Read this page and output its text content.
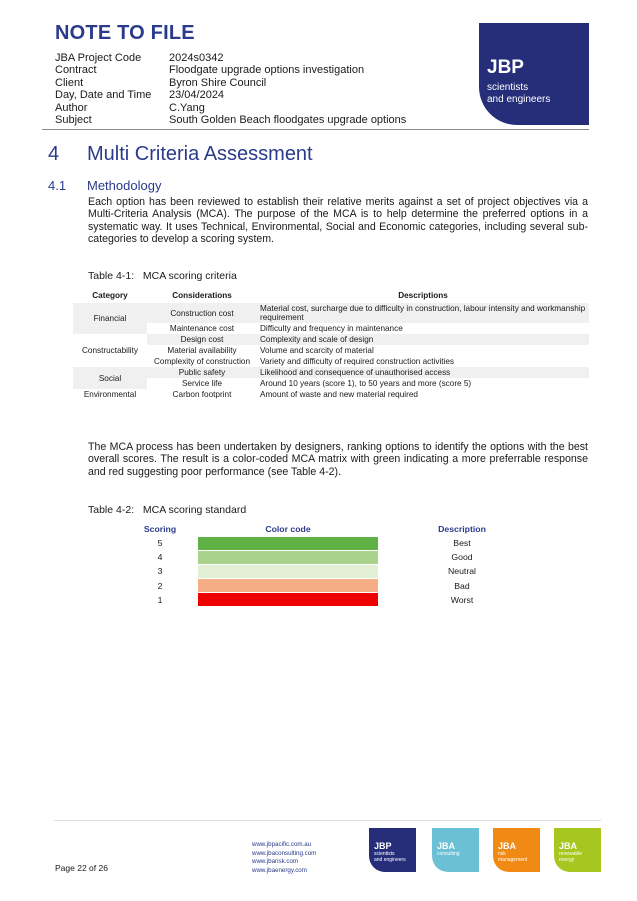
NOTE TO FILE
JBA Project Code	2024s0342
Contract	Floodgate upgrade options investigation
Client	Byron Shire Council
Day, Date and Time	23/04/2024
Author	C.Yang
Subject	South Golden Beach floodgates upgrade options
JBP
scientists
and engineers
4	Multi Criteria Assessment
4.1	Methodology
Each option has been reviewed to establish their relative merits against a set of project objectives via a Multi-Criteria Analysis (MCA). The purpose of the MCA is to help determine the preferred options in a systematic way. It uses Technical, Environmental, Social and Economic categories, including several sub-categories to develop a scoring system.
Table 4-1:   MCA scoring criteria
Category	Considerations	Descriptions
Financial	Construction cost	Material cost, surcharge due to difficulty in construction, labour intensity and workmanship requirement
	Maintenance cost	Difficulty and frequency in maintenance
Constructability	Design cost	Complexity and scale of design
	Material availability	Volume and scarcity of material
	Complexity of construction	Variety and difficulty of required construction activities
Social	Public safety	Likelihood and consequence of unauthorised access
	Service life	Around 10 years (score 1), to 50 years and more (score 5)
Environmental	Carbon footprint	Amount of waste and new material required
The MCA process has been undertaken by designers, ranking options to identify the options with the best overall scores. The result is a color-coded MCA matrix with green indicating a more preferrable response and red suggesting poor performance (see Table 4-2).
Table 4-2:   MCA scoring standard
Scoring	Color code	Description
5		Best
4		Good
3		Neutral
2		Bad
1		Worst
Page 22 of 26
www.jbpacific.com.au
www.jbaconsulting.com
www.jbarisk.com
www.jbaenergy.com
JBP
scientists
and engineers
JBA
consulting
JBA
risk
management
JBA
renewable
energy
